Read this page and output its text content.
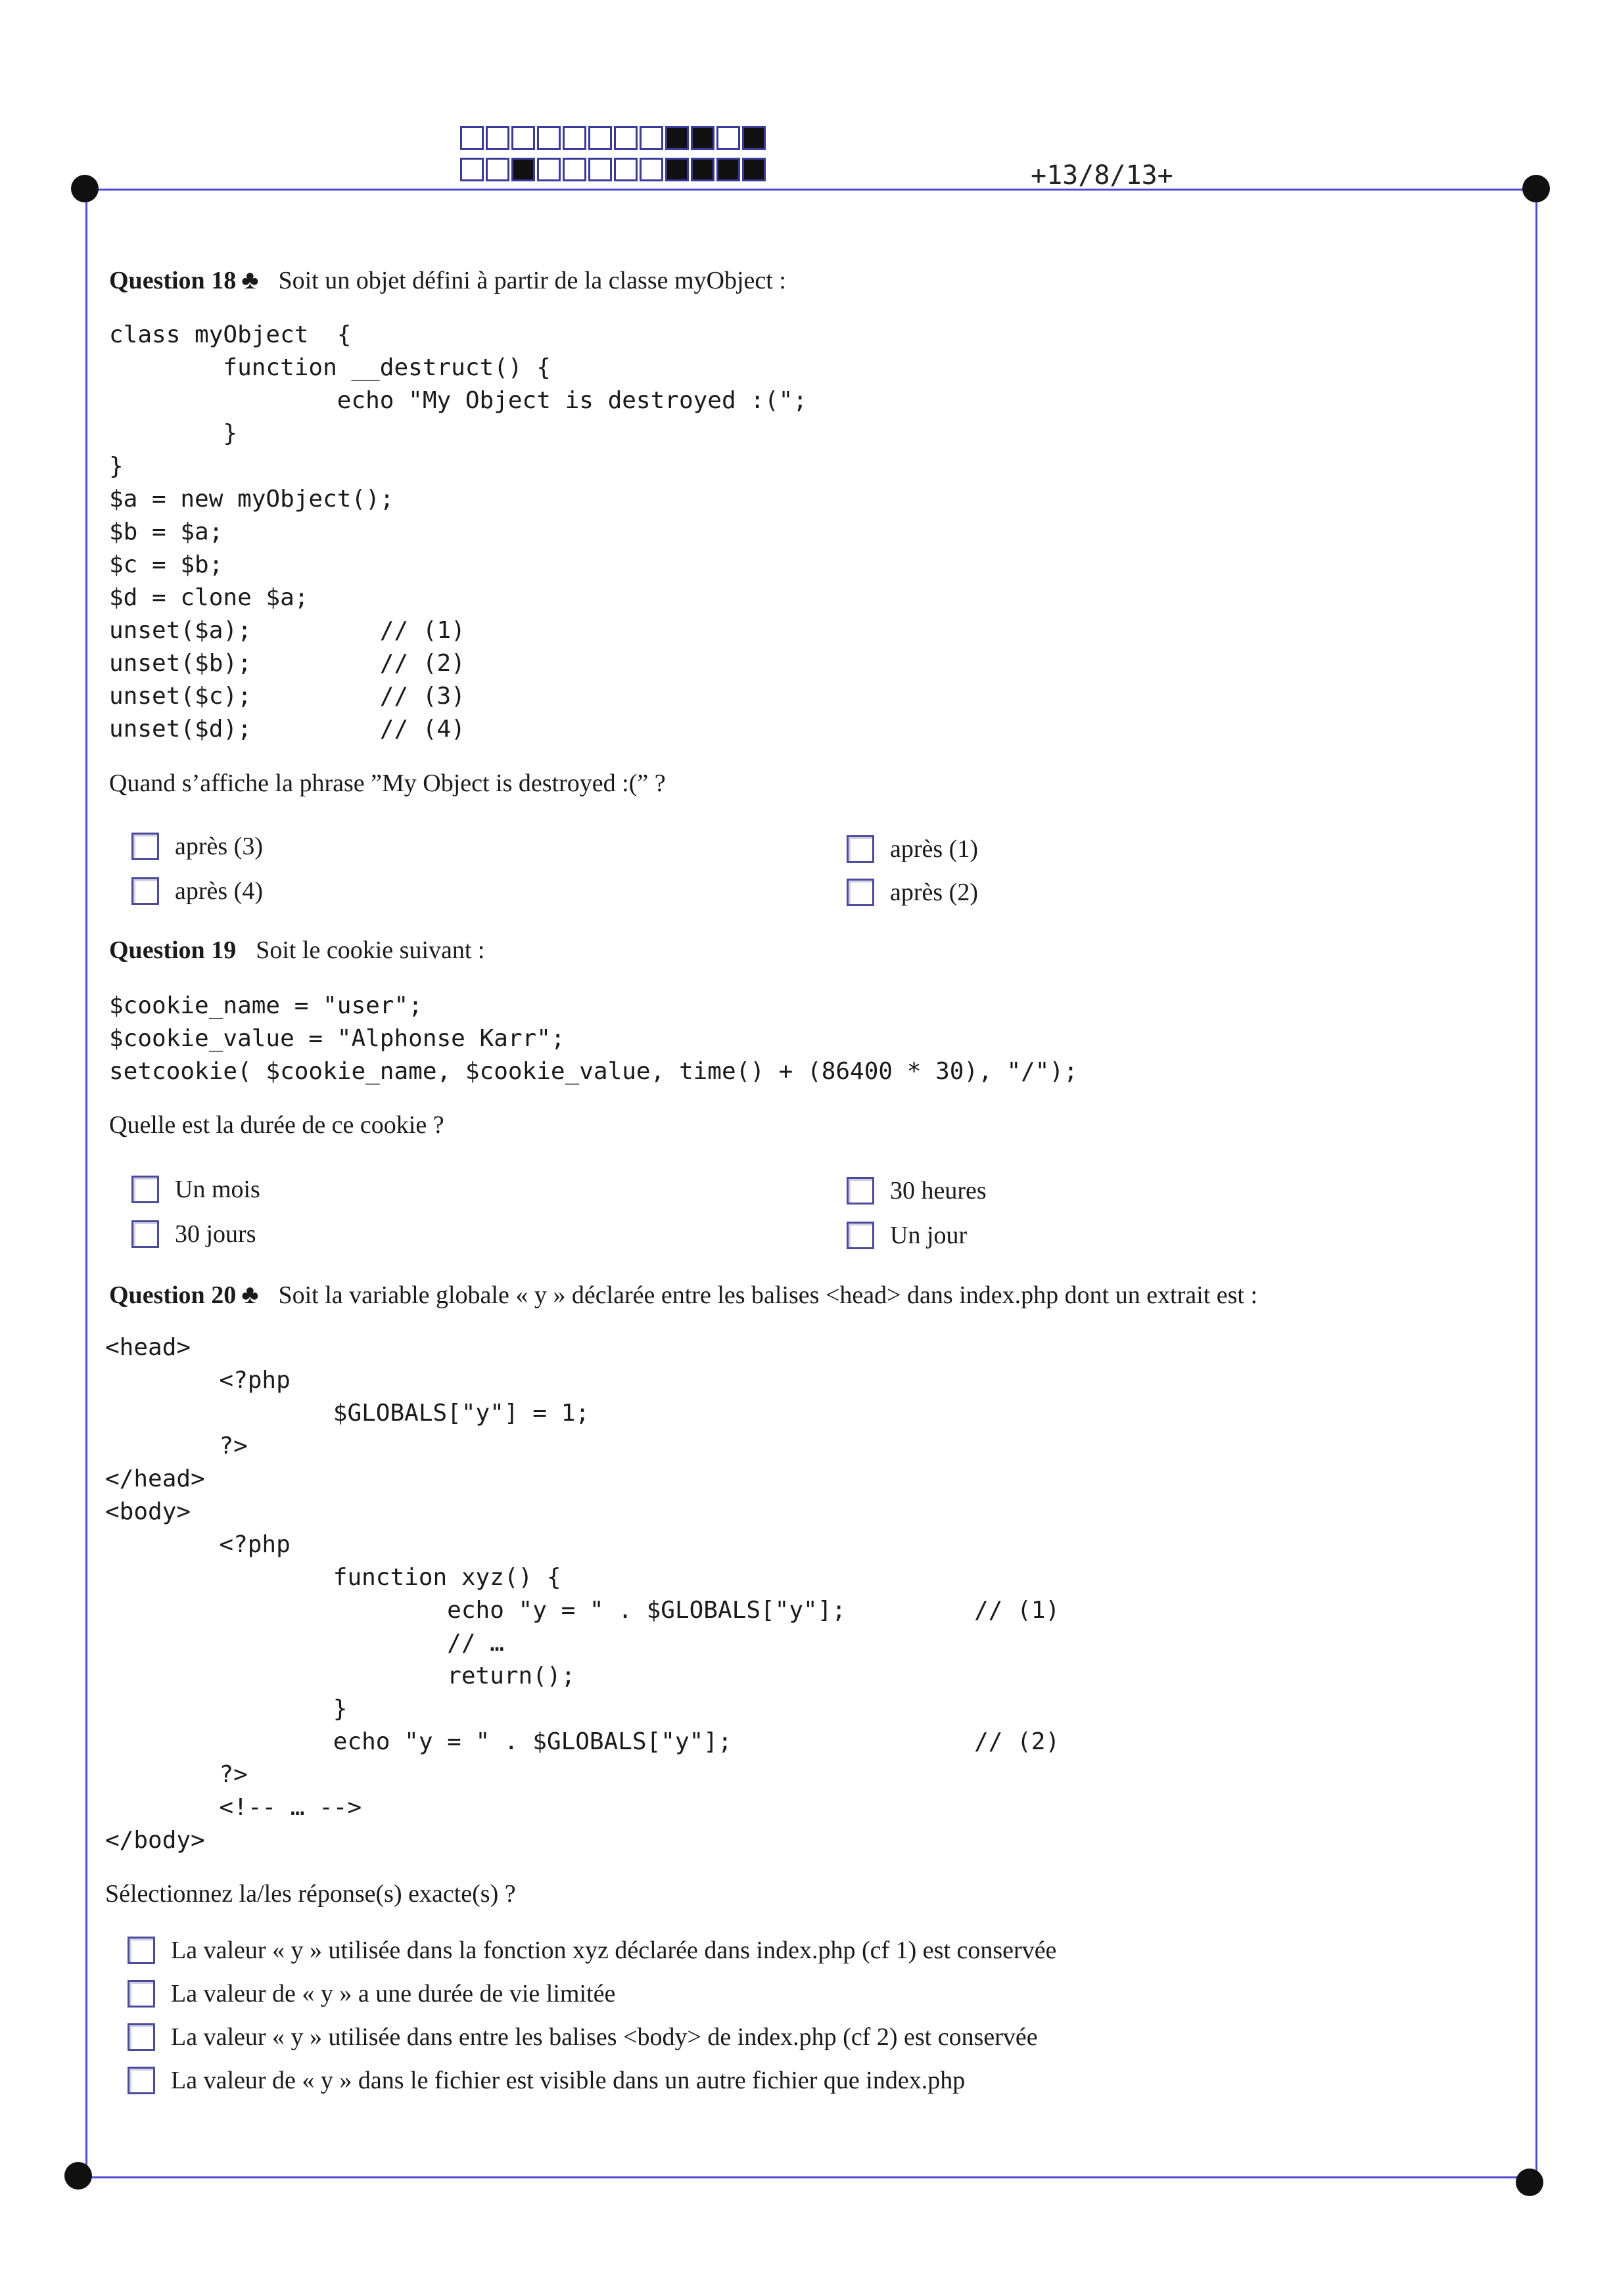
+13/8/13+
Question 18 ♣ Soit un objet défini à partir de la classe myObject :
class myObject  {
function __destruct() {
echo "My Object is destroyed :(";
}
}
$a = new myObject();
$b = $a;
$c = $b;
$d = clone $a;
unset($a);         // (1)
unset($b);         // (2)
unset($c);         // (3)
unset($d);         // (4)
Quand s’affiche la phrase ”My Object is destroyed :(” ?
après (3)
après (4)
après (1)
après (2)
Question 19 Soit le cookie suivant :
$cookie_name = "user";
$cookie_value = "Alphonse Karr";
setcookie( $cookie_name, $cookie_value, time() + (86400 * 30), "/");
Quelle est la durée de ce cookie ?
Un mois
30 jours
30 heures
Un jour
Question 20 ♣ Soit la variable globale « y » déclarée entre les balises <head> dans index.php dont un extrait est :
<head>
<?php
$GLOBALS["y"] = 1;
?>
</head>
<body>
<?php
function xyz() {
echo "y = " . $GLOBALS["y"];         // (1)
// …
return();
}
echo "y = " . $GLOBALS["y"];                 // (2)
?>
<!-- … -->
</body>
Sélectionnez la/les réponse(s) exacte(s) ?
La valeur « y » utilisée dans la fonction xyz déclarée dans index.php (cf 1) est conservée
La valeur de « y » a une durée de vie limitée
La valeur « y » utilisée dans entre les balises <body> de index.php (cf 2) est conservée
La valeur de « y » dans le fichier est visible dans un autre fichier que index.php
